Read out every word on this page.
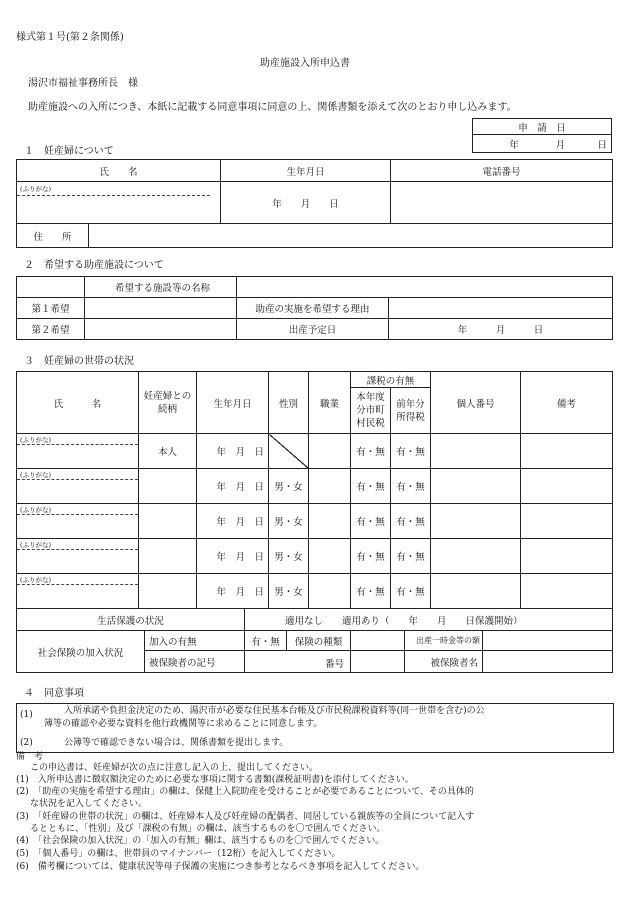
様式第１号(第２条関係)
助産施設入所申込書
湯沢市福祉事務所長　様
助産施設への入所につき、本紙に記載する同意事項に同意の上、関係書類を添えて次のとおり申し込みます。
申　請　日
年	月	日
１　妊産婦について
氏　　名		生年月日	電話番号

(ふりがな)		年　　月　　日	
住　　所			
２　希望する助産施設について
	希望する施設等の名称		
第１希望		助産の実施を希望する理由	
第２希望		出産予定日	年　　　月　　　日
３　妊産婦の世帯の状況
氏　　　名	妊産婦との続柄	生年月日	性別	職業	課税の有無		個人番号	備考
					本年度分市町村民税	前年分所得税		

(ふりがな)	本人	年　月　日			有・無	有・無		

(ふりがな)		年　月　日	男・女		有・無	有・無		

(ふりがな)		年　月　日	男・女		有・無	有・無		

(ふりがな)		年　月　日	男・女		有・無	有・無		

(ふりがな)		年　月　日	男・女		有・無	有・無		
生活保護の状況		適用なし　　適用あり（　　年　　月　　日保護開始）				
社会保険の加入状況	加入の有無	有・無	保険の種類		出産一時金等の額	
	被保険者の記号	番号			被保険者名	
４　同意事項
(1)	入所承諾や負担金決定のため、湯沢市が必要な住民基本台帳及び市民税課税資料等(同一世帯を含む)の公
簿等の確認や必要な資料を他行政機関等に求めることに同意します。
(2)	公簿等で確認できない場合は、関係書類を提出します。
備　考
この申込書は、妊産婦が次の点に注意し記入の上、提出してください。
(1)　入所申込書に徴収額決定のために必要な事項に関する書類(課税証明書)を添付してください。
(2)　「助産の実施を希望する理由」の欄は、保健上入院助産を受けることが必要であることについて、その具体的
な状況を記入してください。
(3)　「妊産婦の世帯の状況」の欄は、妊産婦本人及び妊産婦の配偶者、同居している親族等の全員について記入す
るとともに、「性別」及び「課税の有無」の欄は、該当するものを〇で囲んでください。
(4)　「社会保険の加入状況」の「加入の有無」欄は、該当するものを〇で囲んでください。
(5)　「個人番号」の欄は、世帯員のマイナンバー（12桁）を記入してください。
(6)　備考欄については、健康状況等母子保護の実施につき参考となるべき事項を記入してください。
